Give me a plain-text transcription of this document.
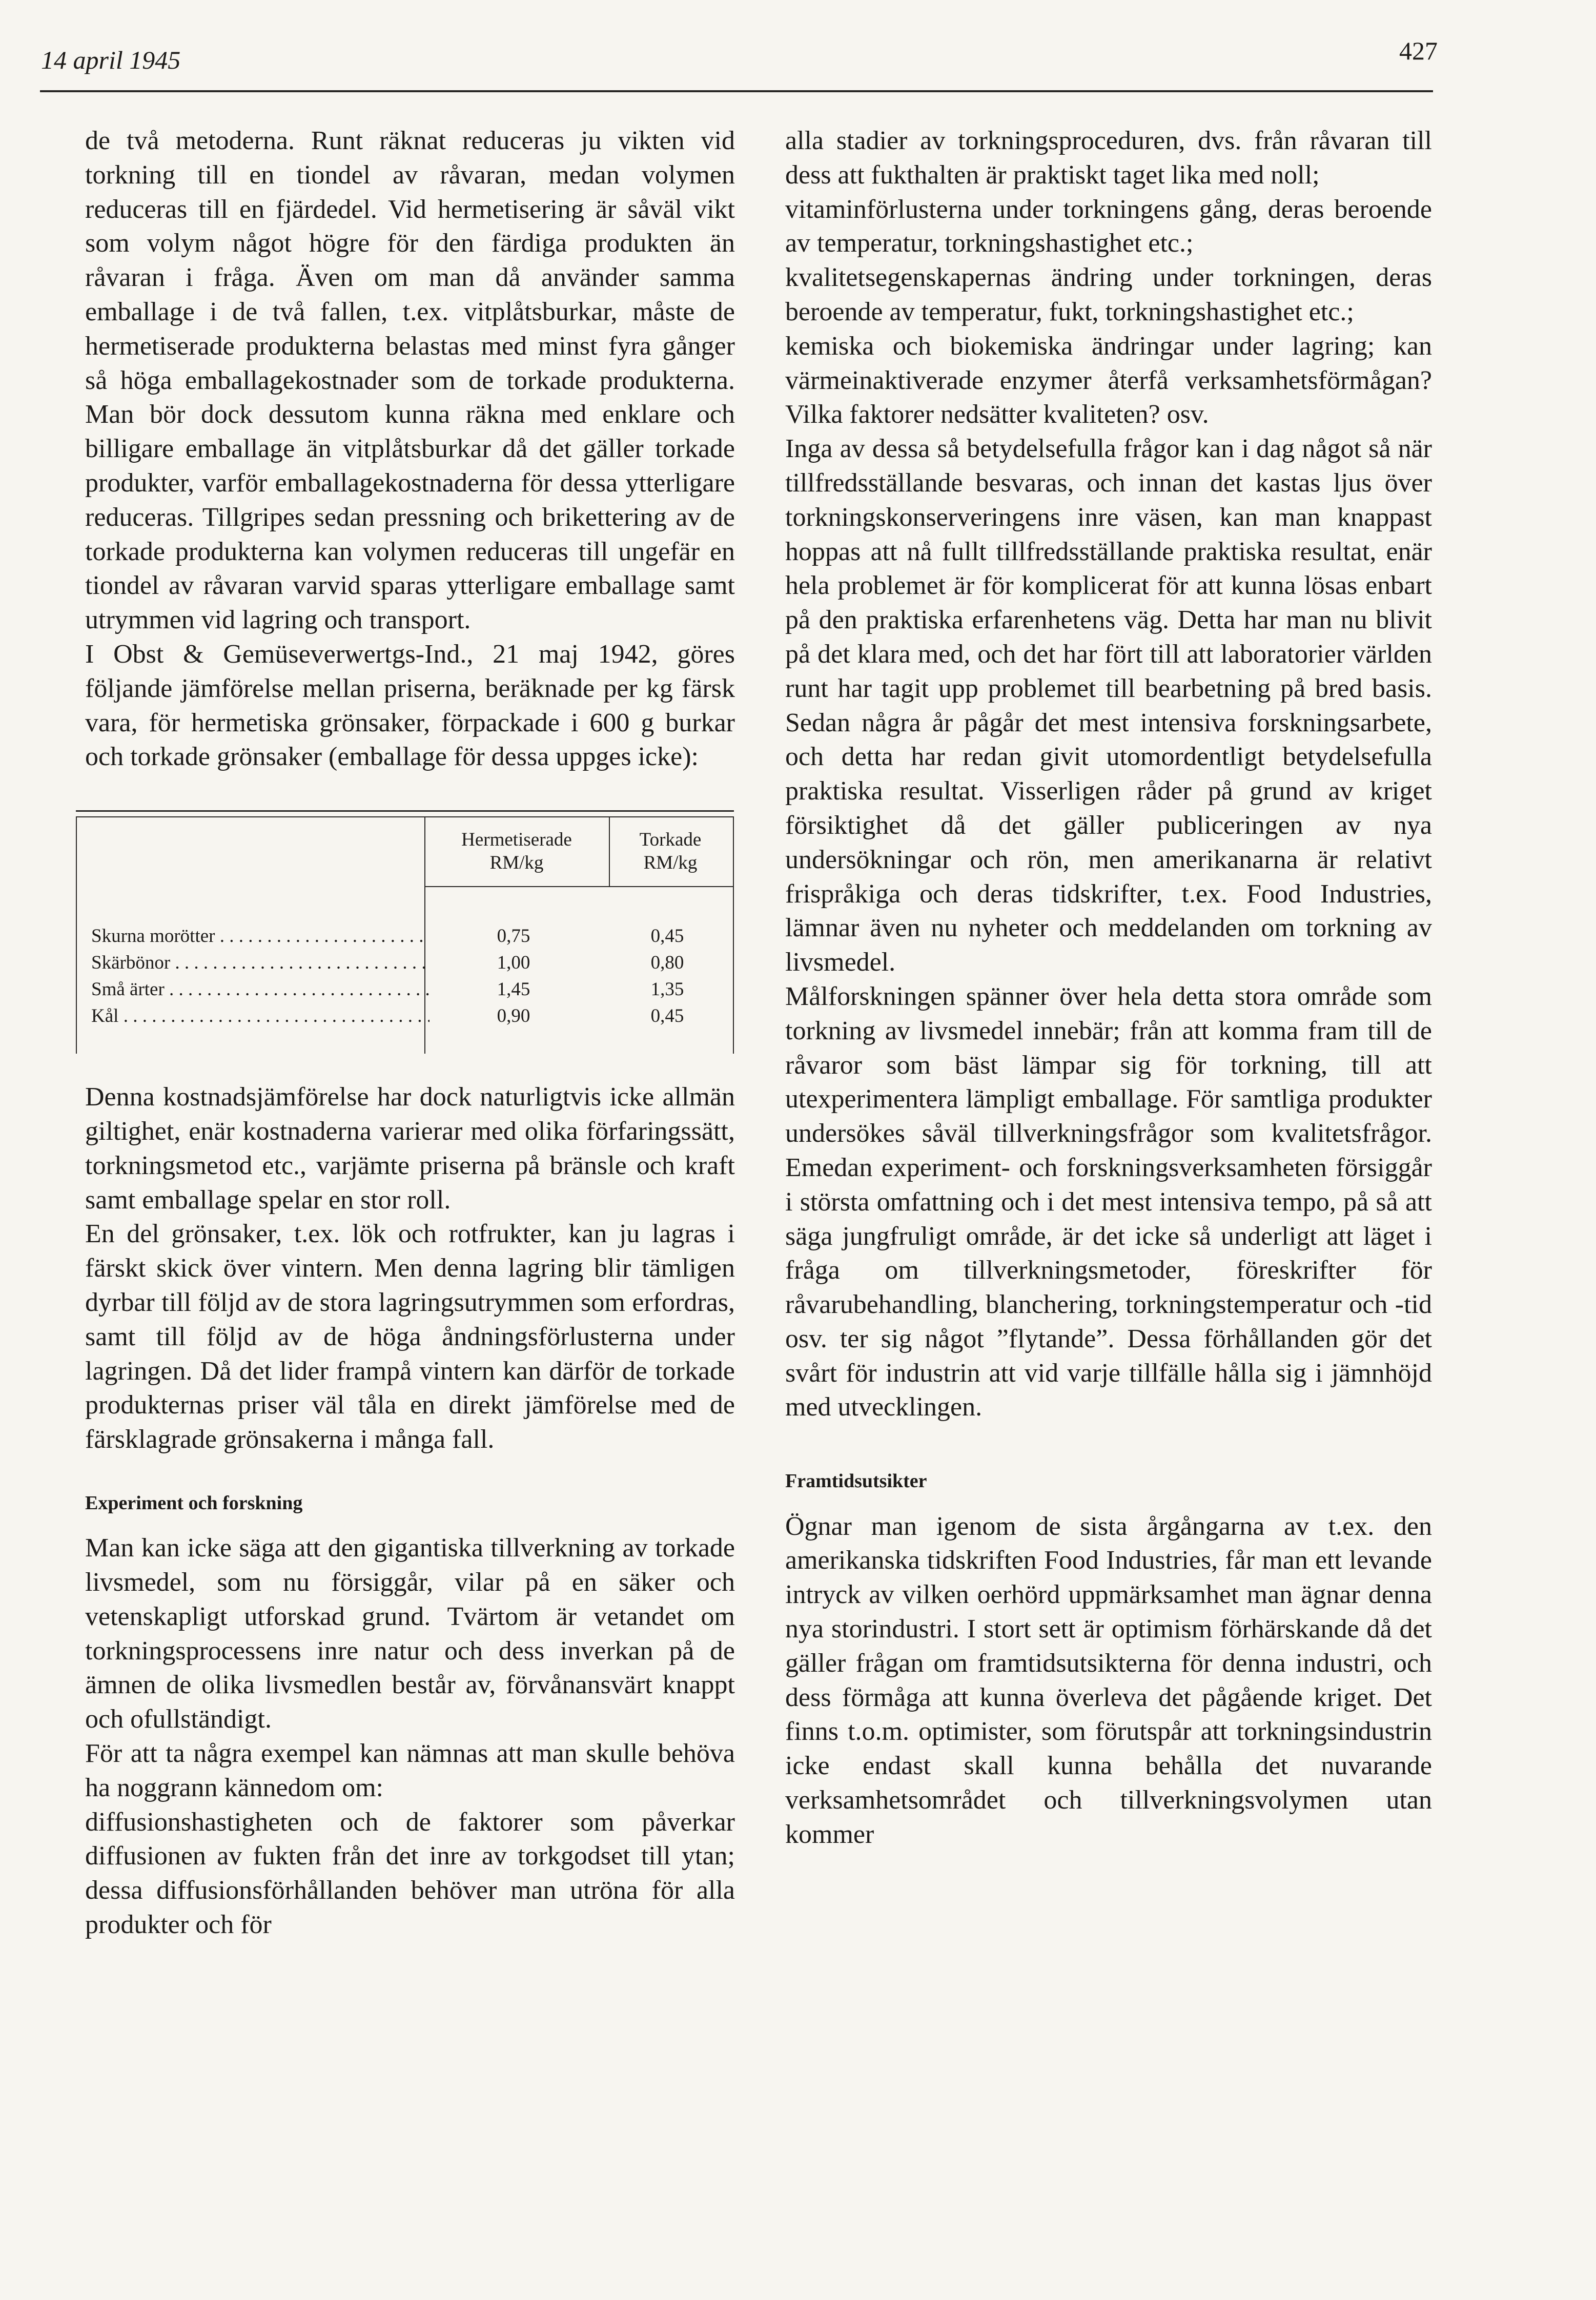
14 april 1945	427

de två metoderna. Runt räknat reduceras ju vikten vid torkning till en tiondel av råvaran, medan volymen reduceras till en fjärdedel. Vid hermetisering är såväl vikt som volym något högre för den färdiga produkten än råvaran i fråga. Även om man då använder samma emballage i de två fallen, t.ex. vitplåtsburkar, måste de hermetiserade produkterna belastas med minst fyra gånger så höga emballagekostnader som de torkade produkterna. Man bör dock dessutom kunna räkna med enklare och billigare emballage än vitplåtsburkar då det gäller torkade produkter, varför emballagekostnaderna för dessa ytterligare reduceras. Tillgripes sedan pressning och brikettering av de torkade produkterna kan volymen reduceras till ungefär en tiondel av råvaran varvid sparas ytterligare emballage samt utrymmen vid lagring och transport.

I Obst & Gemüseverwertgs-Ind., 21 maj 1942, göres följande jämförelse mellan priserna, beräknade per kg färsk vara, för hermetiska grönsaker, förpackade i 600 g burkar och torkade grönsaker (emballage för dessa uppges icke):

Hermetiserade RM/kg
Torkade RM/kg
Skurna morötter . . .	0,75	0,45
Skärbönor . . .	1,00	0,80
Små ärter . . .	1,45	1,35
Kål . . .	0,90	0,45

Denna kostnadsjämförelse har dock naturligtvis icke allmän giltighet, enär kostnaderna varierar med olika förfaringssätt, torkningsmetod etc., varjämte priserna på bränsle och kraft samt emballage spelar en stor roll.

En del grönsaker, t.ex. lök och rotfrukter, kan ju lagras i färskt skick över vintern. Men denna lagring blir tämligen dyrbar till följd av de stora lagringsutrymmen som erfordras, samt till följd av de höga åndningsförlusterna under lagringen. Då det lider frampå vintern kan därför de torkade produkternas priser väl tåla en direkt jämförelse med de färsklagrade grönsakerna i många fall.

Experiment och forskning

Man kan icke säga att den gigantiska tillverkning av torkade livsmedel, som nu försiggår, vilar på en säker och vetenskapligt utforskad grund. Tvärtom är vetandet om torkningsprocessens inre natur och dess inverkan på de ämnen de olika livsmedlen består av, förvånansvärt knappt och ofullständigt.

För att ta några exempel kan nämnas att man skulle behöva ha noggrann kännedom om:

diffusionshastigheten och de faktorer som påverkar diffusionen av fukten från det inre av torkgodset till ytan; dessa diffusionsförhållanden behöver man utröna för alla produkter och för

alla stadier av torkningsproceduren, dvs. från råvaran till dess att fukthalten är praktiskt taget lika med noll;

vitaminförlusterna under torkningens gång, deras beroende av temperatur, torkningshastighet etc.;

kvalitetsegenskapernas ändring under torkningen, deras beroende av temperatur, fukt, torkningshastighet etc.;

kemiska och biokemiska ändringar under lagring; kan värmeinaktiverade enzymer återfå verksamhetsförmågan? Vilka faktorer nedsätter kvaliteten? osv.

Inga av dessa så betydelsefulla frågor kan i dag något så när tillfredsställande besvaras, och innan det kastas ljus över torkningskonserveringens inre väsen, kan man knappast hoppas att nå fullt tillfredsställande praktiska resultat, enär hela problemet är för komplicerat för att kunna lösas enbart på den praktiska erfarenhetens väg. Detta har man nu blivit på det klara med, och det har fört till att laboratorier världen runt har tagit upp problemet till bearbetning på bred basis. Sedan några år pågår det mest intensiva forskningsarbete, och detta har redan givit utomordentligt betydelsefulla praktiska resultat. Visserligen råder på grund av kriget försiktighet då det gäller publiceringen av nya undersökningar och rön, men amerikanarna är relativt frispråkiga och deras tidskrifter, t.ex. Food Industries, lämnar även nu nyheter och meddelanden om torkning av livsmedel.

Målforskningen spänner över hela detta stora område som torkning av livsmedel innebär; från att komma fram till de råvaror som bäst lämpar sig för torkning, till att utexperimentera lämpligt emballage. För samtliga produkter undersökes såväl tillverkningsfrågor som kvalitetsfrågor. Emedan experiment- och forskningsverksamheten försiggår i största omfattning och i det mest intensiva tempo, på så att säga jungfruligt område, är det icke så underligt att läget i fråga om tillverkningsmetoder, föreskrifter för råvarubehandling, blanchering, torkningstemperatur och -tid osv. ter sig något ”flytande”. Dessa förhållanden gör det svårt för industrin att vid varje tillfälle hålla sig i jämnhöjd med utvecklingen.

Framtidsutsikter

Ögnar man igenom de sista årgångarna av t.ex. den amerikanska tidskriften Food Industries, får man ett levande intryck av vilken oerhörd uppmärksamhet man ägnar denna nya storindustri. I stort sett är optimism förhärskande då det gäller frågan om framtidsutsikterna för denna industri, och dess förmåga att kunna överleva det pågående kriget. Det finns t.o.m. optimister, som förutspår att torkningsindustrin icke endast skall kunna behålla det nuvarande verksamhetsområdet och tillverkningsvolymen utan kommer
